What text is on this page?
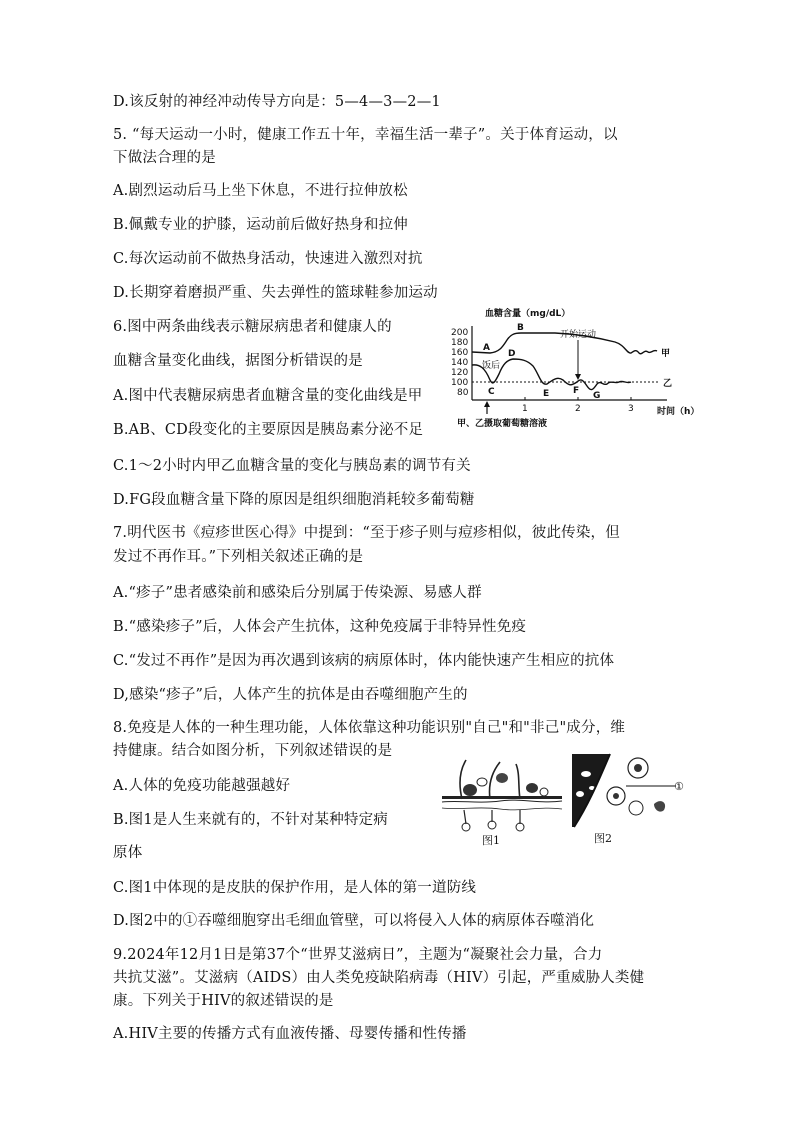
D.该反射的神经冲动传导方向是：5—4—3—2—1
5. “每天运动一小时，健康工作五十年，幸福生活一辈子”。关于体育运动，以
下做法合理的是
A.剧烈运动后马上坐下休息，不进行拉伸放松
B.佩戴专业的护膝，运动前后做好热身和拉伸
C.每次运动前不做热身活动，快速进入激烈对抗
D.长期穿着磨损严重、失去弹性的篮球鞋参加运动
6.图中两条曲线表示糖尿病患者和健康人的
血糖含量变化曲线，据图分析错误的是
A.图中代表糖尿病患者血糖含量的变化曲线是甲
B.AB、CD段变化的主要原因是胰岛素分泌不足
C.1～2小时内甲乙血糖含量的变化与胰岛素的调节有关
D.FG段血糖含量下降的原因是组织细胞消耗较多葡萄糖
7.明代医书《痘疹世医心得》中提到：“至于疹子则与痘疹相似，彼此传染，但
发过不再作耳。”下列相关叙述正确的是
A.“疹子”患者感染前和感染后分别属于传染源、易感人群
B.“感染疹子”后，人体会产生抗体，这种免疫属于非特异性免疫
C.“发过不再作”是因为再次遇到该病的病原体时，体内能快速产生相应的抗体
D,感染“疹子”后，人体产生的抗体是由吞噬细胞产生的
8.免疫是人体的一种生理功能，人体依靠这种功能识别"自己"和"非己"成分，维
持健康。结合如图分析，下列叙述错误的是
A.人体的免疫功能越强越好
B.图1是人生来就有的，不针对某种特定病
原体
C.图1中体现的是皮肤的保护作用，是人体的第一道防线
D.图2中的①吞噬细胞穿出毛细血管壁，可以将侵入人体的病原体吞噬消化
9.2024年12月1日是第37个“世界艾滋病日”，主题为“凝聚社会力量，合力
共抗艾滋”。艾滋病（AIDS）由人类免疫缺陷病毒（HIV）引起，严重威胁人类健
康。下列关于HIV的叙述错误的是
A.HIV主要的传播方式有血液传播、母婴传播和性传播
血糖含量（mg/dL）
200
180
160
140
120
100
80
1	2	3	时间（h）
A
B
C
D
E	F G
饭后
开始运动
甲
乙
甲、乙摄取葡萄糖溶液
图1
①
图2
